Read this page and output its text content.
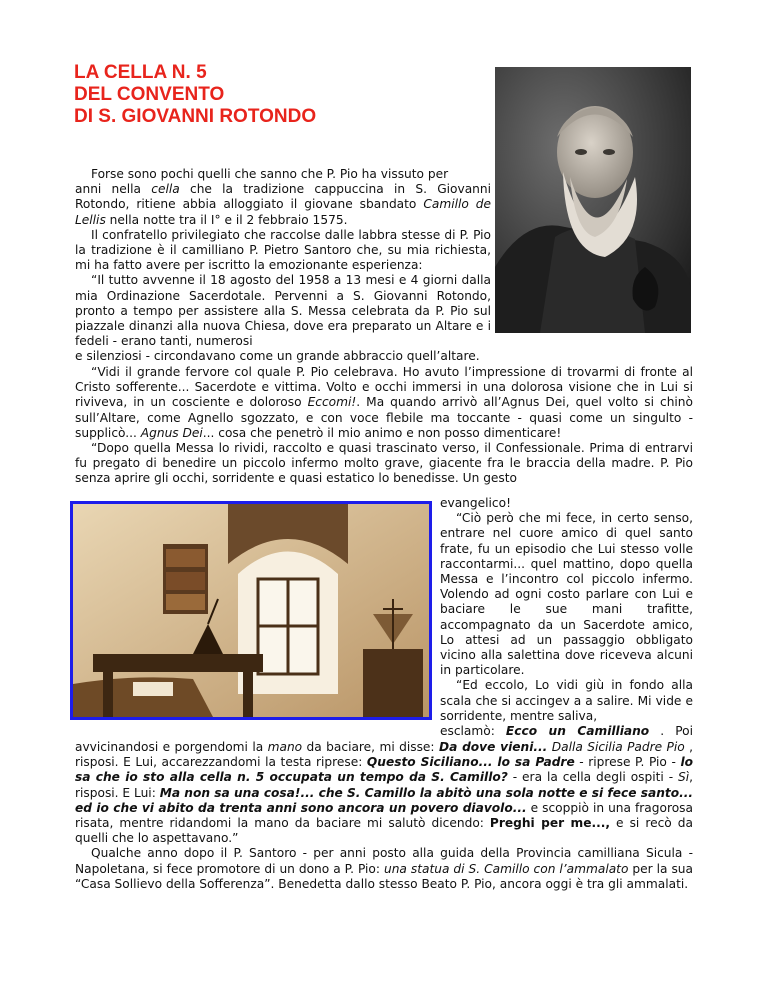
LA CELLA N. 5
DEL CONVENTO
DI S. GIOVANNI ROTONDO

Forse sono pochi quelli che sanno che P. Pio ha vissuto per

anni nella cella che la tradizione cappuccina in S. Giovanni Rotondo, ritiene abbia alloggiato il giovane sbandato Camillo de Lellis nella notte tra il I° e il 2 febbraio 1575.

Il confratello privilegiato che raccolse dalle labbra stesse di P. Pio la tradizione è il camilliano P. Pietro Santoro che, su mia richiesta, mi ha fatto avere per iscritto la emozionante esperienza:

“Il tutto avvenne il 18 agosto del 1958 a 13 mesi e 4 giorni dalla mia Ordinazione Sacerdotale. Pervenni a S. Giovanni Rotondo, pronto a tempo per assistere alla S. Messa celebrata da P. Pio sul piazzale dinanzi alla nuova Chiesa, dove era preparato un Altare e i fedeli - erano tanti, numerosi

e silenziosi - circondavano come un grande abbraccio quell’altare.

“Vidi il grande fervore col quale P. Pio celebrava. Ho avuto l’impressione di trovarmi di fronte al Cristo sofferente... Sacerdote e vittima. Volto e occhi immersi in una dolorosa visione che in Lui si riviveva, in un cosciente e doloroso Eccomi!. Ma quando arrivò all’Agnus Dei, quel volto si chinò sull’Altare, come Agnello sgozzato, e con voce flebile ma toccante - quasi come un singulto - supplicò... Agnus Dei... cosa che penetrò il mio animo e non posso dimenticare!

“Dopo quella Messa lo rividi, raccolto e quasi trascinato verso, il Confessionale. Prima di entrarvi fu pregato di benedire un piccolo infermo molto grave, giacente fra le braccia della madre. P. Pio senza aprire gli occhi, sorridente e quasi estatico lo benedisse. Un gesto

evangelico!

“Ciò però che mi fece, in certo senso, entrare nel cuore amico di quel santo frate, fu un episodio che Lui stesso volle raccontarmi... quel mattino, dopo quella Messa e l’incontro col piccolo infermo. Volendo ad ogni costo parlare con Lui e baciare le sue mani trafitte, accompagnato da un Sacerdote amico, Lo attesi ad un passaggio obbligato vicino alla salettina dove riceveva alcuni in particolare.

“Ed eccolo, Lo vidi giù in fondo alla scala che si accingev a a salire. Mi vide e sorridente, mentre saliva,

esclamò: Ecco un Camilliano . Poi

avvicinandosi e porgendomi la mano da baciare, mi disse: Da dove vieni... Dalla Sicilia Padre Pio , risposi. E Lui, accarezzandomi la testa riprese: Questo Siciliano... lo sa Padre - riprese P. Pio - lo sa che io sto alla cella n. 5 occupata un tempo da S. Camillo? - era la cella degli ospiti - Sì, risposi. E Lui: Ma non sa una cosa!... che S. Camillo la abitò una sola notte e si fece santo... ed io che vi abito da trenta anni sono ancora un povero diavolo... e scoppiò in una fragorosa risata, mentre ridandomi la mano da baciare mi salutò dicendo: Preghi per me..., e si recò da quelli che lo aspettavano.”

Qualche anno dopo il P. Santoro - per anni posto alla guida della Provincia camilliana Sicula - Napoletana, si fece promotore di un dono a P. Pio: una statua di S. Camillo con l’ammalato per la sua “Casa Sollievo della Sofferenza”. Benedetta dallo stesso Beato P. Pio, ancora oggi è tra gli ammalati.
